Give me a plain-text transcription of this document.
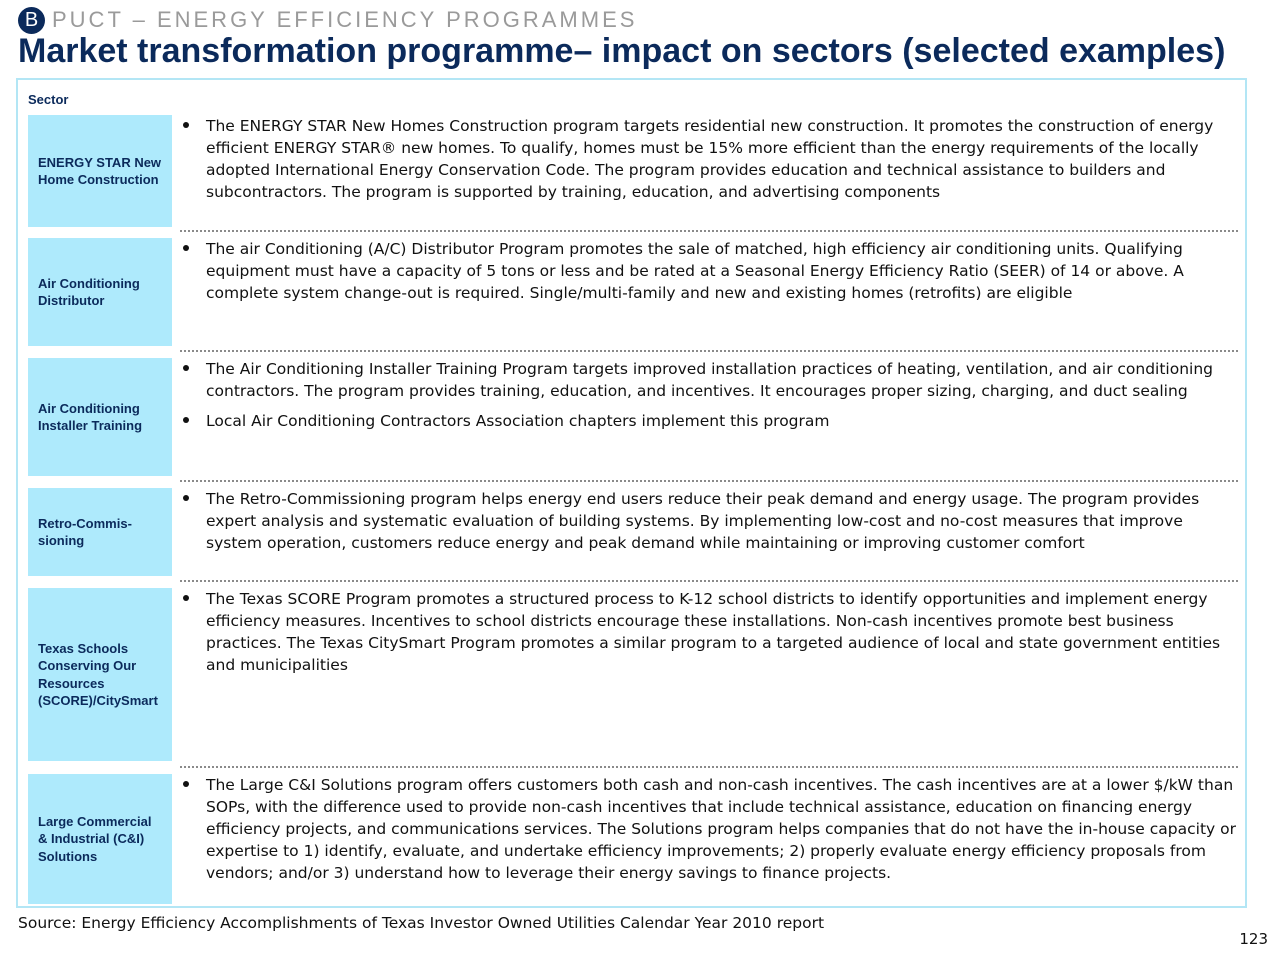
B PUCT – ENERGY EFFICIENCY PROGRAMMES
Market transformation programme– impact on sectors (selected examples)
Sector
ENERGY STAR New Home Construction
The ENERGY STAR New Homes Construction program targets residential new construction. It promotes the construction of energy efficient ENERGY STAR® new homes. To qualify, homes must be 15% more efficient than the energy requirements of the locally adopted International Energy Conservation Code. The program provides education and technical assistance to builders and subcontractors. The program is supported by training, education, and advertising components
Air Conditioning Distributor
The air Conditioning (A/C) Distributor Program promotes the sale of matched, high efficiency air conditioning units. Qualifying equipment must have a capacity of 5 tons or less and be rated at a Seasonal Energy Efficiency Ratio (SEER) of 14 or above. A complete system change-out is required. Single/multi-family and new and existing homes (retrofits) are eligible
Air Conditioning Installer Training
The Air Conditioning Installer Training Program targets improved installation practices of heating, ventilation, and air conditioning contractors. The program provides training, education, and incentives. It encourages proper sizing, charging, and duct sealing
Local Air Conditioning Contractors Association chapters implement this program
Retro-Commis-sioning
The Retro-Commissioning program helps energy end users reduce their peak demand and energy usage. The program provides expert analysis and systematic evaluation of building systems. By implementing low-cost and no-cost measures that improve system operation, customers reduce energy and peak demand while maintaining or improving customer comfort
Texas Schools Conserving Our Resources (SCORE)/CitySmart
The Texas SCORE Program promotes a structured process to K-12 school districts to identify opportunities and implement energy efficiency measures. Incentives to school districts encourage these installations. Non-cash incentives promote best business practices. The Texas CitySmart Program promotes a similar program to a targeted audience of local and state government entities and municipalities
Large Commercial & Industrial (C&I) Solutions
The Large C&I Solutions program offers customers both cash and non-cash incentives. The cash incentives are at a lower $/kW than SOPs, with the difference used to provide non-cash incentives that include technical assistance, education on financing energy efficiency projects, and communications services. The Solutions program helps companies that do not have the in-house capacity or expertise to 1) identify, evaluate, and undertake efficiency improvements; 2) properly evaluate energy efficiency proposals from vendors; and/or 3) understand how to leverage their energy savings to finance projects.
Source: Energy Efficiency Accomplishments of Texas Investor Owned Utilities Calendar Year 2010 report
123
